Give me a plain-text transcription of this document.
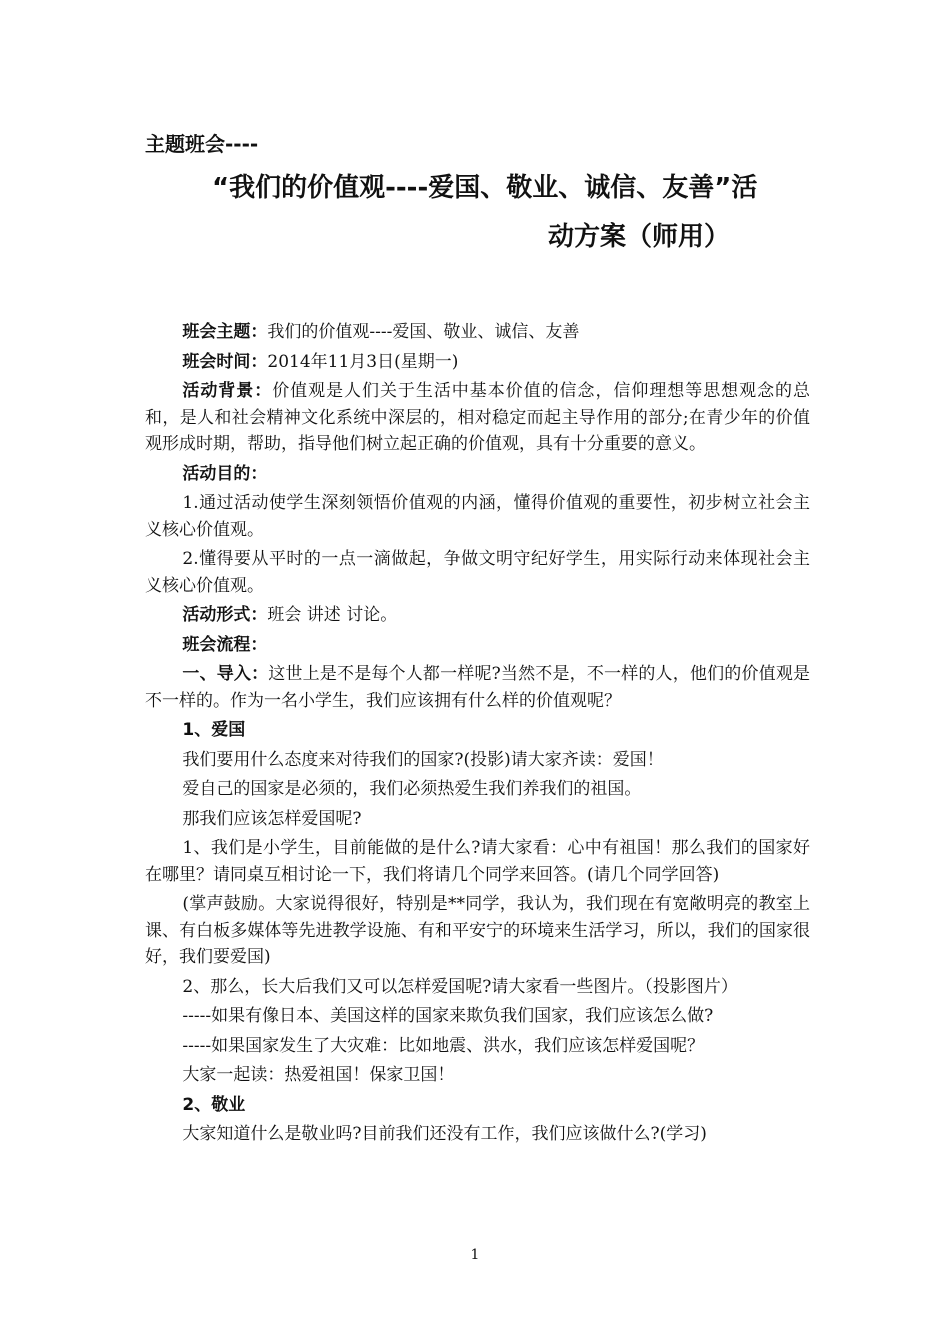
主题班会----
“我们的价值观----爱国、敬业、诚信、友善”活
动方案（师用）

班会主题：我们的价值观----爱国、敬业、诚信、友善

班会时间：2014年11月3日(星期一)

活动背景：价值观是人们关于生活中基本价值的信念，信仰理想等思想观念的总和，是人和社会精神文化系统中深层的，相对稳定而起主导作用的部分;在青少年的价值观形成时期，帮助，指导他们树立起正确的价值观，具有十分重要的意义。

活动目的：

1.通过活动使学生深刻领悟价值观的内涵，懂得价值观的重要性，初步树立社会主义核心价值观。

2.懂得要从平时的一点一滴做起，争做文明守纪好学生，用实际行动来体现社会主义核心价值观。

活动形式：班会 讲述 讨论。

班会流程：

一、导入：这世上是不是每个人都一样呢?当然不是，不一样的人，他们的价值观是不一样的。作为一名小学生，我们应该拥有什么样的价值观呢？

1、爱国

我们要用什么态度来对待我们的国家?(投影)请大家齐读：爱国！

爱自己的国家是必须的，我们必须热爱生我们养我们的祖国。

那我们应该怎样爱国呢?

1、我们是小学生，目前能做的是什么?请大家看：心中有祖国！那么我们的国家好在哪里？请同桌互相讨论一下，我们将请几个同学来回答。(请几个同学回答)

(掌声鼓励。大家说得很好，特别是**同学，我认为，我们现在有宽敞明亮的教室上课、有白板多媒体等先进教学设施、有和平安宁的环境来生活学习，所以，我们的国家很好，我们要爱国)

2、那么，长大后我们又可以怎样爱国呢?请大家看一些图片。（投影图片）

-----如果有像日本、美国这样的国家来欺负我们国家，我们应该怎么做?

-----如果国家发生了大灾难：比如地震、洪水，我们应该怎样爱国呢？

大家一起读：热爱祖国！保家卫国！

2、敬业

大家知道什么是敬业吗?目前我们还没有工作，我们应该做什么?(学习)

1
